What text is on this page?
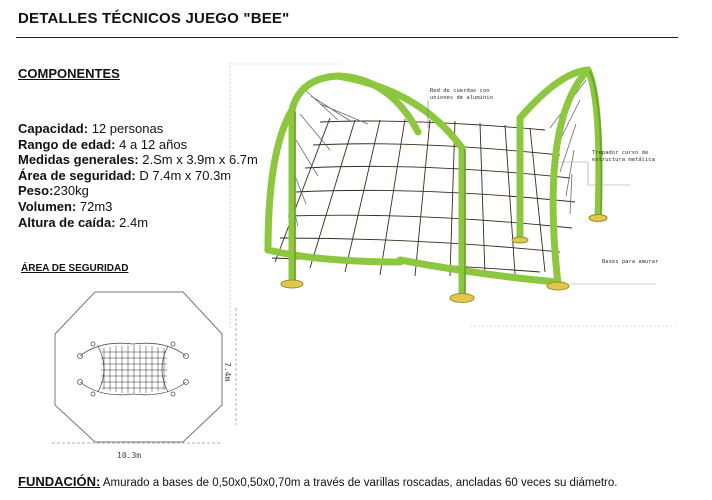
DETALLES TÉCNICOS JUEGO "BEE"
COMPONENTES
Capacidad: 12 personas
Rango de edad: 4 a 12 años
Medidas generales: 2.Sm x 3.9m x 6.7m
Área de seguridad: D 7.4m x 70.3m
Peso:230kg
Volumen: 72m3
Altura de caída: 2.4m
ÁREA DE SEGURIDAD
7.4m
10.3m
Red de cuerdas con
uniones de aluminio
Trepador curvo de
estructura metálica
Bases para amurar
FUNDACIÓN: Amurado a bases de 0,50x0,50x0,70m a través de varillas roscadas, ancladas 60 veces su diámetro.
